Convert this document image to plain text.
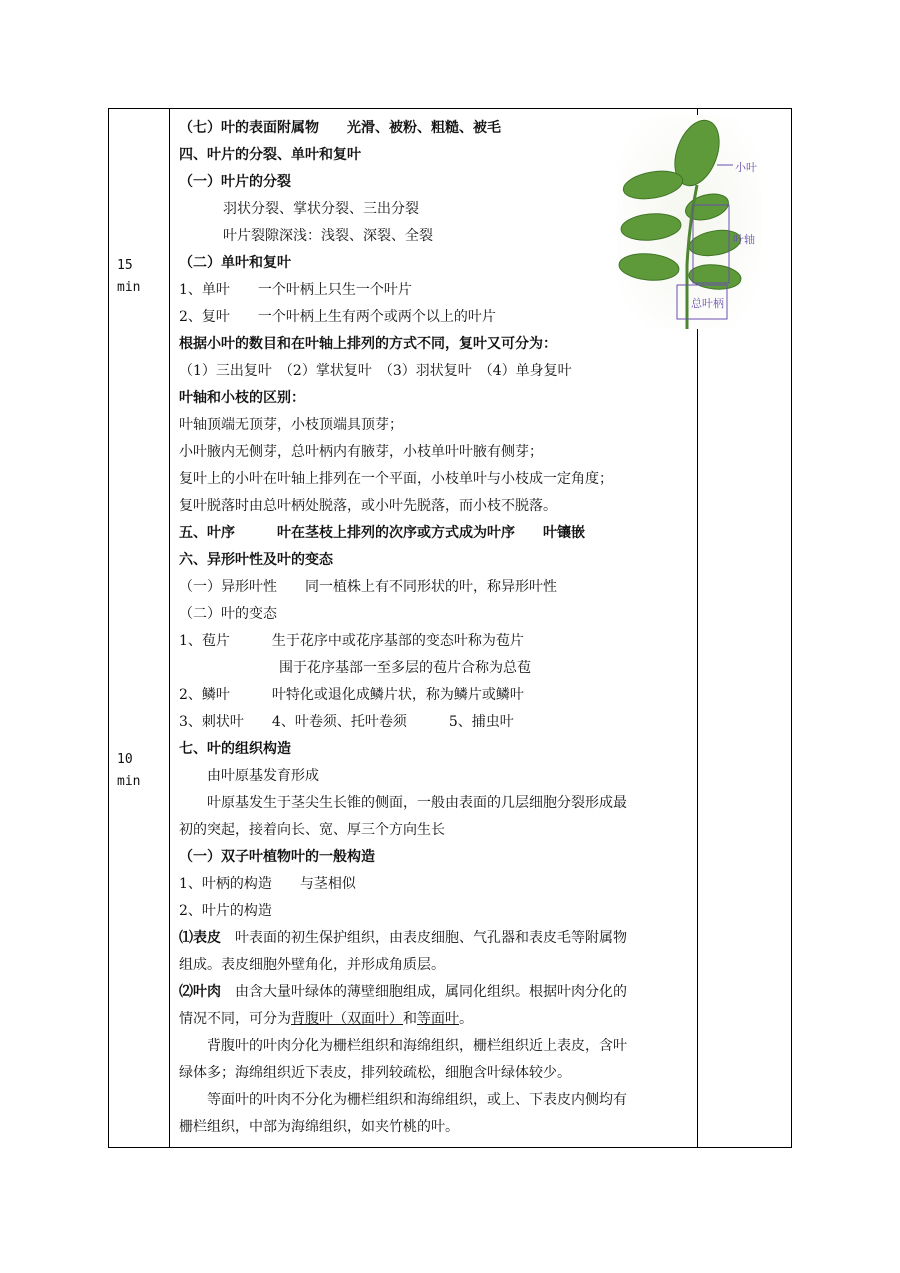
15
min
10
min
（七）叶的表面附属物　　光滑、被粉、粗糙、被毛
四、叶片的分裂、单叶和复叶
（一）叶片的分裂
羽状分裂、掌状分裂、三出分裂
叶片裂隙深浅：浅裂、深裂、全裂
（二）单叶和复叶
1、单叶　　一个叶柄上只生一个叶片
2、复叶　　一个叶柄上生有两个或两个以上的叶片
根据小叶的数目和在叶轴上排列的方式不同，复叶又可分为：
（1）三出复叶　（2）掌状复叶　（3）羽状复叶　（4）单身复叶
叶轴和小枝的区别：
叶轴顶端无顶芽，小枝顶端具顶芽；
小叶腋内无侧芽，总叶柄内有腋芽，小枝单叶叶腋有侧芽；
复叶上的小叶在叶轴上排列在一个平面，小枝单叶与小枝成一定角度；
复叶脱落时由总叶柄处脱落，或小叶先脱落，而小枝不脱落。
五、叶序　　　叶在茎枝上排列的次序或方式成为叶序　　叶镶嵌
六、异形叶性及叶的变态
（一）异形叶性　　同一植株上有不同形状的叶，称异形叶性
（二）叶的变态
1、苞片　　　生于花序中或花序基部的变态叶称为苞片
围于花序基部一至多层的苞片合称为总苞
2、鳞叶　　　叶特化或退化成鳞片状，称为鳞片或鳞叶
3、刺状叶　　4、叶卷须、托叶卷须　　　5、捕虫叶
七、叶的组织构造
由叶原基发育形成
叶原基发生于茎尖生长锥的侧面，一般由表面的几层细胞分裂形成最
初的突起，接着向长、宽、厚三个方向生长
（一）双子叶植物叶的一般构造
1、叶柄的构造　　与茎相似
2、叶片的构造
⑴表皮　叶表面的初生保护组织，由表皮细胞、气孔器和表皮毛等附属物
组成。表皮细胞外壁角化，并形成角质层。
⑵叶肉　由含大量叶绿体的薄壁细胞组成，属同化组织。根据叶肉分化的
情况不同，可分为背腹叶（双面叶）和等面叶。
背腹叶的叶肉分化为栅栏组织和海绵组织，栅栏组织近上表皮，含叶
绿体多；海绵组织近下表皮，排列较疏松，细胞含叶绿体较少。
等面叶的叶肉不分化为栅栏组织和海绵组织，或上、下表皮内侧均有
栅栏组织，中部为海绵组织，如夹竹桃的叶。
小叶
叶轴
总叶柄
